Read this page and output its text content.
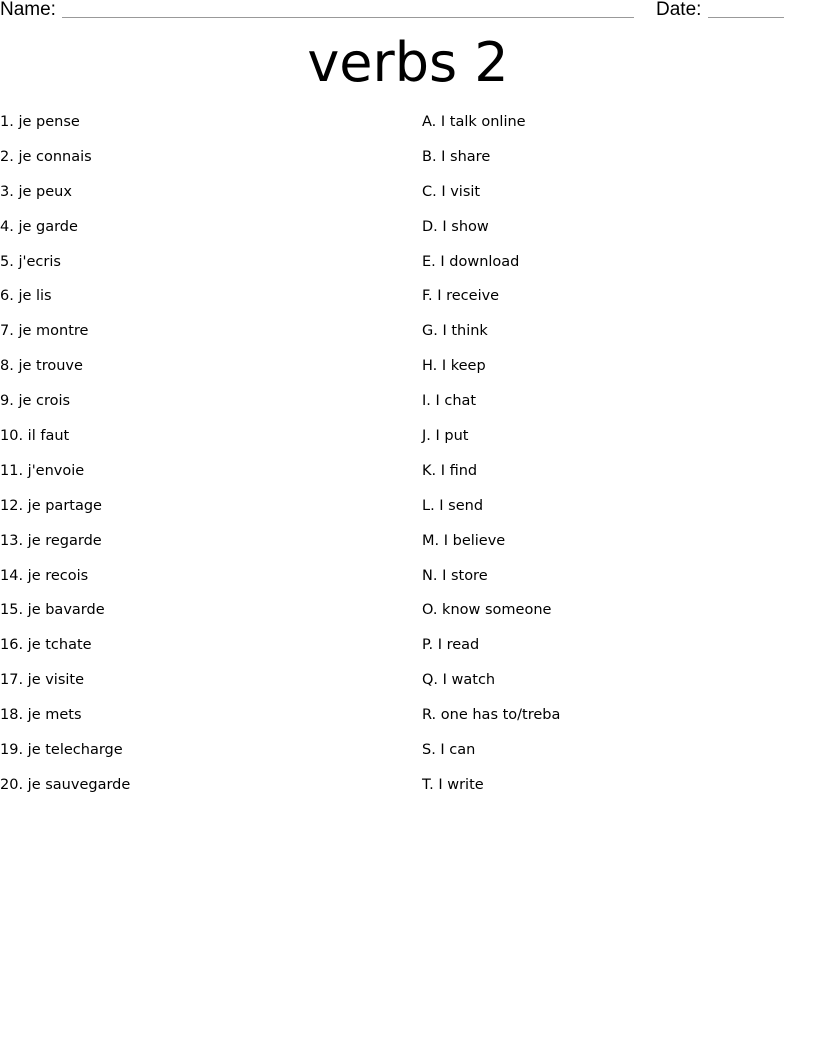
Name:	Date:
verbs 2
1. je pense
2. je connais
3. je peux
4. je garde
5. j'ecris
6. je lis
7. je montre
8. je trouve
9. je crois
10. il faut
11. j'envoie
12. je partage
13. je regarde
14. je recois
15. je bavarde
16. je tchate
17. je visite
18. je mets
19. je telecharge
20. je sauvegarde
A. I talk online
B. I share
C. I visit
D. I show
E. I download
F. I receive
G. I think
H. I keep
I. I chat
J. I put
K. I find
L. I send
M. I believe
N. I store
O. know someone
P. I read
Q. I watch
R. one has to/treba
S. I can
T. I write
